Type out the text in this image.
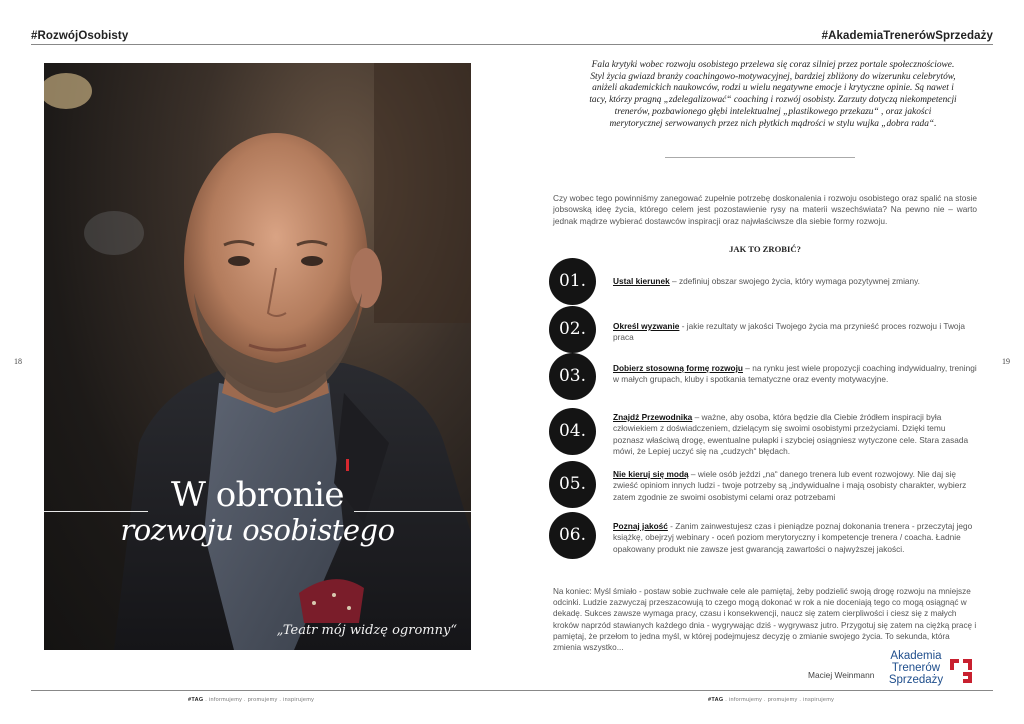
#RozwójOsobisty	#AkademiaTrenerówSprzedaży
18	19
W obronie
rozwoju osobistego
„Teatr mój widzę ogromny“
Fala krytyki wobec rozwoju osobistego przelewa się coraz silniej przez portale społecznościowe. Styl życia gwiazd branży coachingowo-motywacyjnej, bardziej zbliżony do wizerunku celebrytów, aniżeli akademickich naukowców, rodzi u wielu negatywne emocje i krytyczne opinie. Są nawet i tacy, którzy pragną „zdelegalizować“ coaching i rozwój osobisty. Zarzuty dotyczą niekompetencji trenerów, pozbawionego głębi intelektualnej „plastikowego przekazu“ , oraz jakości merytorycznej serwowanych przez nich płytkich mądrości w stylu wujka „dobra rada“.
Czy wobec tego powinniśmy zanegować zupełnie potrzebę doskonalenia i rozwoju osobistego oraz spalić na stosie jobsowską ideę życia, którego celem jest pozostawienie rysy na materii wszechświata? Na pewno nie – warto jednak mądrze wybierać dostawców inspiracji oraz najwłaściwsze dla siebie formy rozwoju.
JAK TO ZROBIĆ?
01.	Ustal kierunek – zdefiniuj obszar swojego życia, który wymaga pozytywnej zmiany.
02.	Określ wyzwanie - jakie rezultaty w jakości Twojego życia ma przynieść proces rozwoju i Twoja praca
03.	Dobierz stosowną formę rozwoju – na rynku jest wiele propozycji coaching indywidualny, treningi w małych grupach, kluby i spotkania tematyczne oraz eventy motywacyjne.
04.
Znajdź Przewodnika – ważne, aby osoba, która będzie dla Ciebie źródłem inspiracji była człowiekiem z doświadczeniem, dzielącym się swoimi osobistymi przeżyciami. Dzięki temu poznasz właściwą drogę, ewentualne pułapki i szybciej osiągniesz wytyczone cele. Stara zasada mówi, że Lepiej uczyć się na „cudzych“ błędach.
05.	Nie kieruj się modą – wiele osób jeździ „na“ danego trenera lub event rozwojowy. Nie daj się zwieść opiniom innych ludzi - twoje potrzeby są „indywidualne i mają osobisty charakter, wybierz zatem zgodnie ze swoimi osobistymi celami oraz potrzebami
06.	Poznaj jakość - Zanim zainwestujesz czas i pieniądze poznaj dokonania trenera - przeczytaj jego książkę, obejrzyj webinary - oceń poziom merytoryczny i kompetencje trenera / coacha. Ładnie opakowany produkt nie zawsze jest gwarancją zawartości o najwyższej jakości.
Na koniec: Myśl śmiało - postaw sobie zuchwałe cele ale pamiętaj, żeby podzielić swoją drogę rozwoju na mniejsze odcinki. Ludzie zazwyczaj przeszacowują to czego mogą dokonać w rok a nie doceniają tego co mogą osiągnąć w dekadę. Sukces zawsze wymaga pracy, czasu i konsekwencji, naucz się zatem cierpliwości i ciesz się z małych kroków naprzód stawianych każdego dnia - wygrywając dziś - wygrywasz jutro. Przygotuj się zatem na ciężką pracę i pamiętaj, że przełom to jedna myśl, w której podejmujesz decyzję o zmianie swojego życia. To sekunda, która zmienia wszystko...
Maciej Weinmann
Akademia
Trenerów
Sprzedaży
#TAG . informujemy . promujemy . inspirujemy	#TAG . informujemy . promujemy . inspirujemy
